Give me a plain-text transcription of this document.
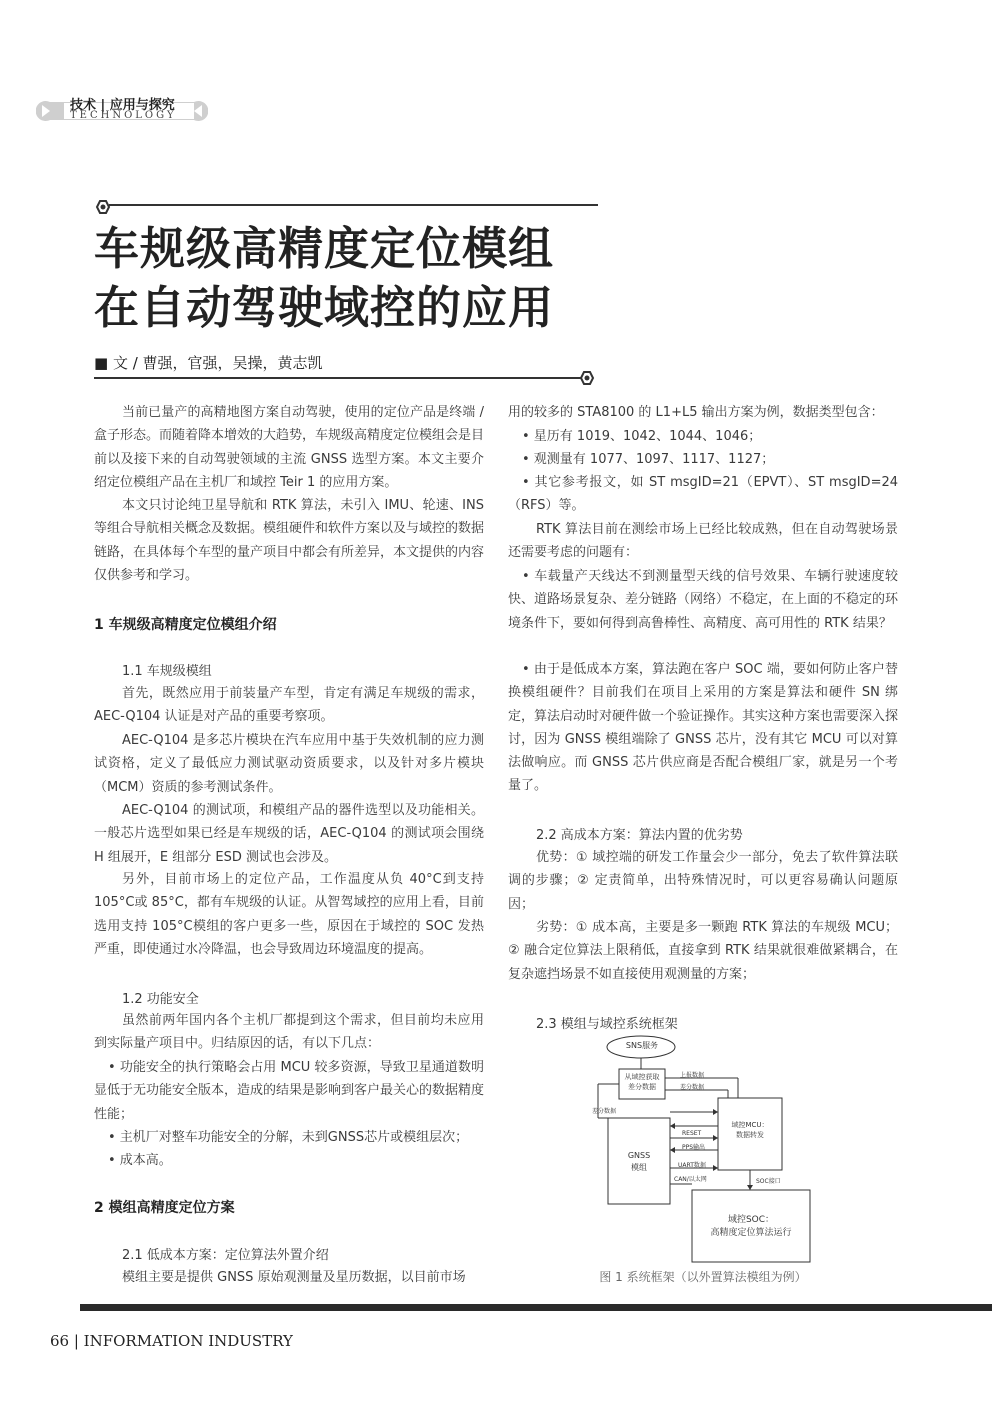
技术 | 应用与探究
TECHNOLOGY
车规级高精度定位模组
在自动驾驶域控的应用
■ 文 / 曹强，官强，吴操，黄志凯

当前已量产的高精地图方案自动驾驶，使用的定位产品是终端 / 盒子形态。而随着降本增效的大趋势，车规级高精度定位模组会是目前以及接下来的自动驾驶领域的主流 GNSS 选型方案。本文主要介绍定位模组产品在主机厂和域控 Teir 1 的应用方案。

本文只讨论纯卫星导航和 RTK 算法，未引入 IMU、轮速、INS 等组合导航相关概念及数据。模组硬件和软件方案以及与域控的数据链路，在具体每个车型的量产项目中都会有所差异，本文提供的内容仅供参考和学习。

1 车规级高精度定位模组介绍
1.1 车规级模组

首先，既然应用于前装量产车型，肯定有满足车规级的需求，AEC-Q104 认证是对产品的重要考察项。

AEC-Q104 是多芯片模块在汽车应用中基于失效机制的应力测试资格，定义了最低应力测试驱动资质要求，以及针对多片模块（MCM）资质的参考测试条件。

AEC-Q104 的测试项，和模组产品的器件选型以及功能相关。一般芯片选型如果已经是车规级的话，AEC-Q104 的测试项会围绕 H 组展开，E 组部分 ESD 测试也会涉及。

另外，目前市场上的定位产品，工作温度从负 40°C到支持105°C或 85°C，都有车规级的认证。从智驾域控的应用上看，目前选用支持 105°C模组的客户更多一些，原因在于域控的 SOC 发热严重，即使通过水冷降温，也会导致周边环境温度的提高。

1.2 功能安全

虽然前两年国内各个主机厂都提到这个需求，但目前均未应用到实际量产项目中。归结原因的话，有以下几点：

• 功能安全的执行策略会占用 MCU 较多资源，导致卫星通道数明显低于无功能安全版本，造成的结果是影响到客户最关心的数据精度性能；

• 主机厂对整车功能安全的分解，未到GNSS芯片或模组层次；

• 成本高。

2 模组高精度定位方案
2.1 低成本方案：定位算法外置介绍

模组主要是提供 GNSS 原始观测量及星历数据，以目前市场

用的较多的 STA8100 的 L1+L5 输出方案为例，数据类型包含：

• 星历有 1019、1042、1044、1046；

• 观测量有 1077、1097、1117、1127；

• 其它参考报文，如 ST msgID=21（EPVT）、ST msgID=24（RFS）等。

RTK 算法目前在测绘市场上已经比较成熟，但在自动驾驶场景还需要考虑的问题有：

• 车载量产天线达不到测量型天线的信号效果、车辆行驶速度较快、道路场景复杂、差分链路（网络）不稳定，在上面的不稳定的环境条件下，要如何得到高鲁棒性、高精度、高可用性的 RTK 结果？

• 由于是低成本方案，算法跑在客户 SOC 端，要如何防止客户替换模组硬件？目前我们在项目上采用的方案是算法和硬件 SN 绑定，算法启动时对硬件做一个验证操作。其实这种方案也需要深入探讨，因为 GNSS 模组端除了 GNSS 芯片，没有其它 MCU 可以对算法做响应。而 GNSS 芯片供应商是否配合模组厂家，就是另一个考量了。

2.2 高成本方案：算法内置的优劣势

优势：① 域控端的研发工作量会少一部分，免去了软件算法联调的步骤；② 定责简单，出特殊情况时，可以更容易确认问题原因；

劣势：① 成本高，主要是多一颗跑 RTK 算法的车规级 MCU；② 融合定位算法上限稍低，直接拿到 RTK 结果就很难做紧耦合，在复杂遮挡场景不如直接使用观测量的方案；

2.3 模组与域控系统框架
SNS服务
从域控获取
差分数据
域控MCU：
数据转发
GNSS
模组
域控SOC：
高精度定位算法运行
上报数据
差分数据
差分数据
RESET
PPS输出
UART数据
CAN/以太网	SOC接口
图 1 系统框架（以外置算法模组为例）
66 | INFORMATION INDUSTRY
